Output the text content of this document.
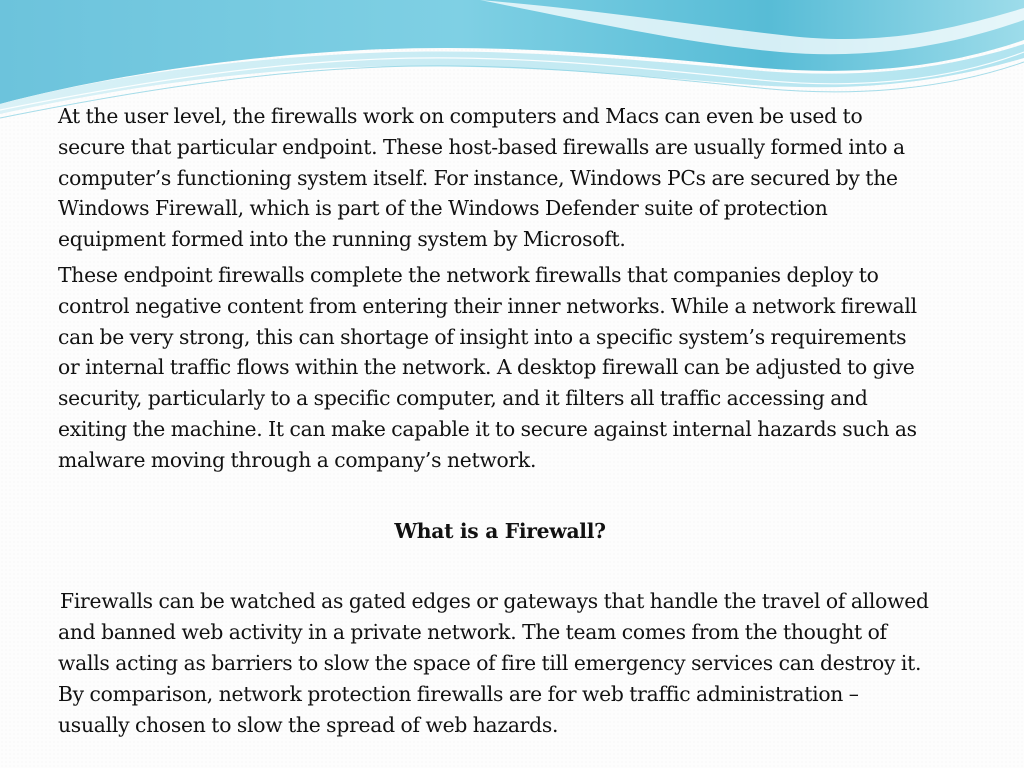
At the user level, the firewalls work on computers and Macs can even be used to
secure that particular endpoint. These host-based firewalls are usually formed into a
computer’s functioning system itself. For instance, Windows PCs are secured by the
Windows Firewall, which is part of the Windows Defender suite of protection
equipment formed into the running system by Microsoft.

These endpoint firewalls complete the network firewalls that companies deploy to
control negative content from entering their inner networks. While a network firewall
can be very strong, this can shortage of insight into a specific system’s requirements
or internal traffic flows within the network. A desktop firewall can be adjusted to give
security, particularly to a specific computer, and it filters all traffic accessing and
exiting the machine. It can make capable it to secure against internal hazards such as
malware moving through a company’s network.

What is a Firewall?

Firewalls can be watched as gated edges or gateways that handle the travel of allowed
and banned web activity in a private network. The team comes from the thought of
walls acting as barriers to slow the space of fire till emergency services can destroy it.
By comparison, network protection firewalls are for web traffic administration –
usually chosen to slow the spread of web hazards.
